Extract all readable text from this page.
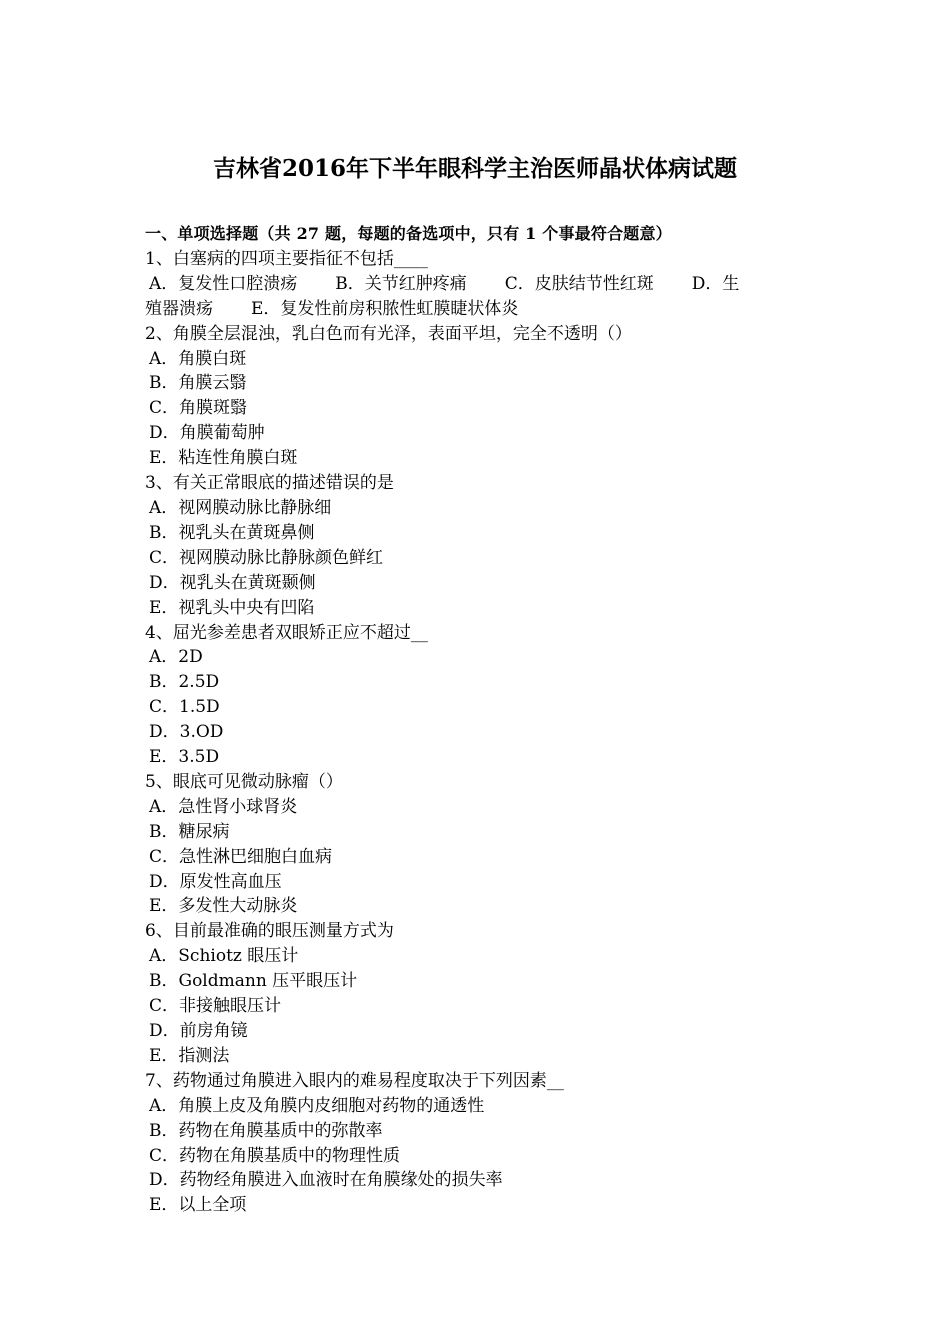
吉林省2016年下半年眼科学主治医师晶状体病试题
一、单项选择题（共 27 题，每题的备选项中，只有 1 个事最符合题意）
1、白塞病的四项主要指征不包括____
A．复发性口腔溃疡 B．关节红肿疼痛 C．皮肤结节性红斑 D．生
殖器溃疡 E．复发性前房积脓性虹膜睫状体炎
2、角膜全层混浊，乳白色而有光泽，表面平坦，完全不透明（）
A．角膜白斑
B．角膜云翳
C．角膜斑翳
D．角膜葡萄肿
E．粘连性角膜白斑
3、有关正常眼底的描述错误的是
A．视网膜动脉比静脉细
B．视乳头在黄斑鼻侧
C．视网膜动脉比静脉颜色鲜红
D．视乳头在黄斑颞侧
E．视乳头中央有凹陷
4、屈光参差患者双眼矫正应不超过__
A．2D
B．2.5D
C．1.5D
D．3.OD
E．3.5D
5、眼底可见微动脉瘤（）
A．急性肾小球肾炎
B．糖尿病
C．急性淋巴细胞白血病
D．原发性高血压
E．多发性大动脉炎
6、目前最准确的眼压测量方式为
A．Schiotz 眼压计
B．Goldmann 压平眼压计
C．非接触眼压计
D．前房角镜
E．指测法
7、药物通过角膜进入眼内的难易程度取决于下列因素__
A．角膜上皮及角膜内皮细胞对药物的通透性
B．药物在角膜基质中的弥散率
C．药物在角膜基质中的物理性质
D．药物经角膜进入血液时在角膜缘处的损失率
E．以上全项
